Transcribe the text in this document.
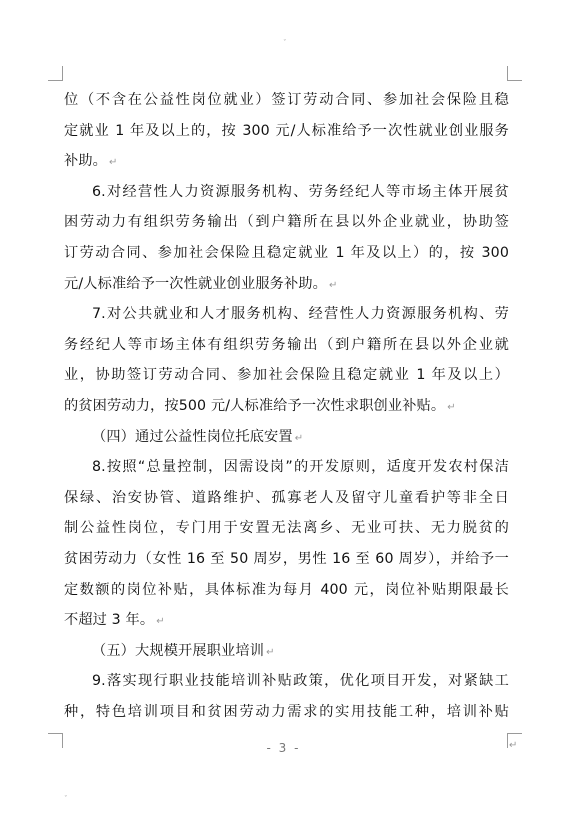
ˇ
位（不含在公益性岗位就业）签订劳动合同、参加社会保险且稳
定就业 1 年及以上的，按 300 元/人标准给予一次性就业创业服务
补助。 ↵
6.对经营性人力资源服务机构、劳务经纪人等市场主体开展贫
困劳动力有组织劳务输出（到户籍所在县以外企业就业，协助签
订劳动合同、参加社会保险且稳定就业 1 年及以上）的，按 300
元/人标准给予一次性就业创业服务补助。 ↵
7.对公共就业和人才服务机构、经营性人力资源服务机构、劳
务经纪人等市场主体有组织劳务输出（到户籍所在县以外企业就
业，协助签订劳动合同、参加社会保险且稳定就业 1 年及以上）
的贫困劳动力，按500 元/人标准给予一次性求职创业补贴。 ↵
（四）通过公益性岗位托底安置 ↵
8.按照“总量控制，因需设岗”的开发原则，适度开发农村保洁
保绿、治安协管、道路维护、孤寡老人及留守儿童看护等非全日
制公益性岗位，专门用于安置无法离乡、无业可扶、无力脱贫的
贫困劳动力（女性 16 至 50 周岁，男性 16 至 60 周岁），并给予一
定数额的岗位补贴，具体标准为每月 400 元，岗位补贴期限最长
不超过 3 年。 ↵
（五）大规模开展职业培训 ↵
9.落实现行职业技能培训补贴政策，优化项目开发，对紧缺工
种，特色培训项目和贫困劳动力需求的实用技能工种，培训补贴
- 3 -	↵
ˇ
